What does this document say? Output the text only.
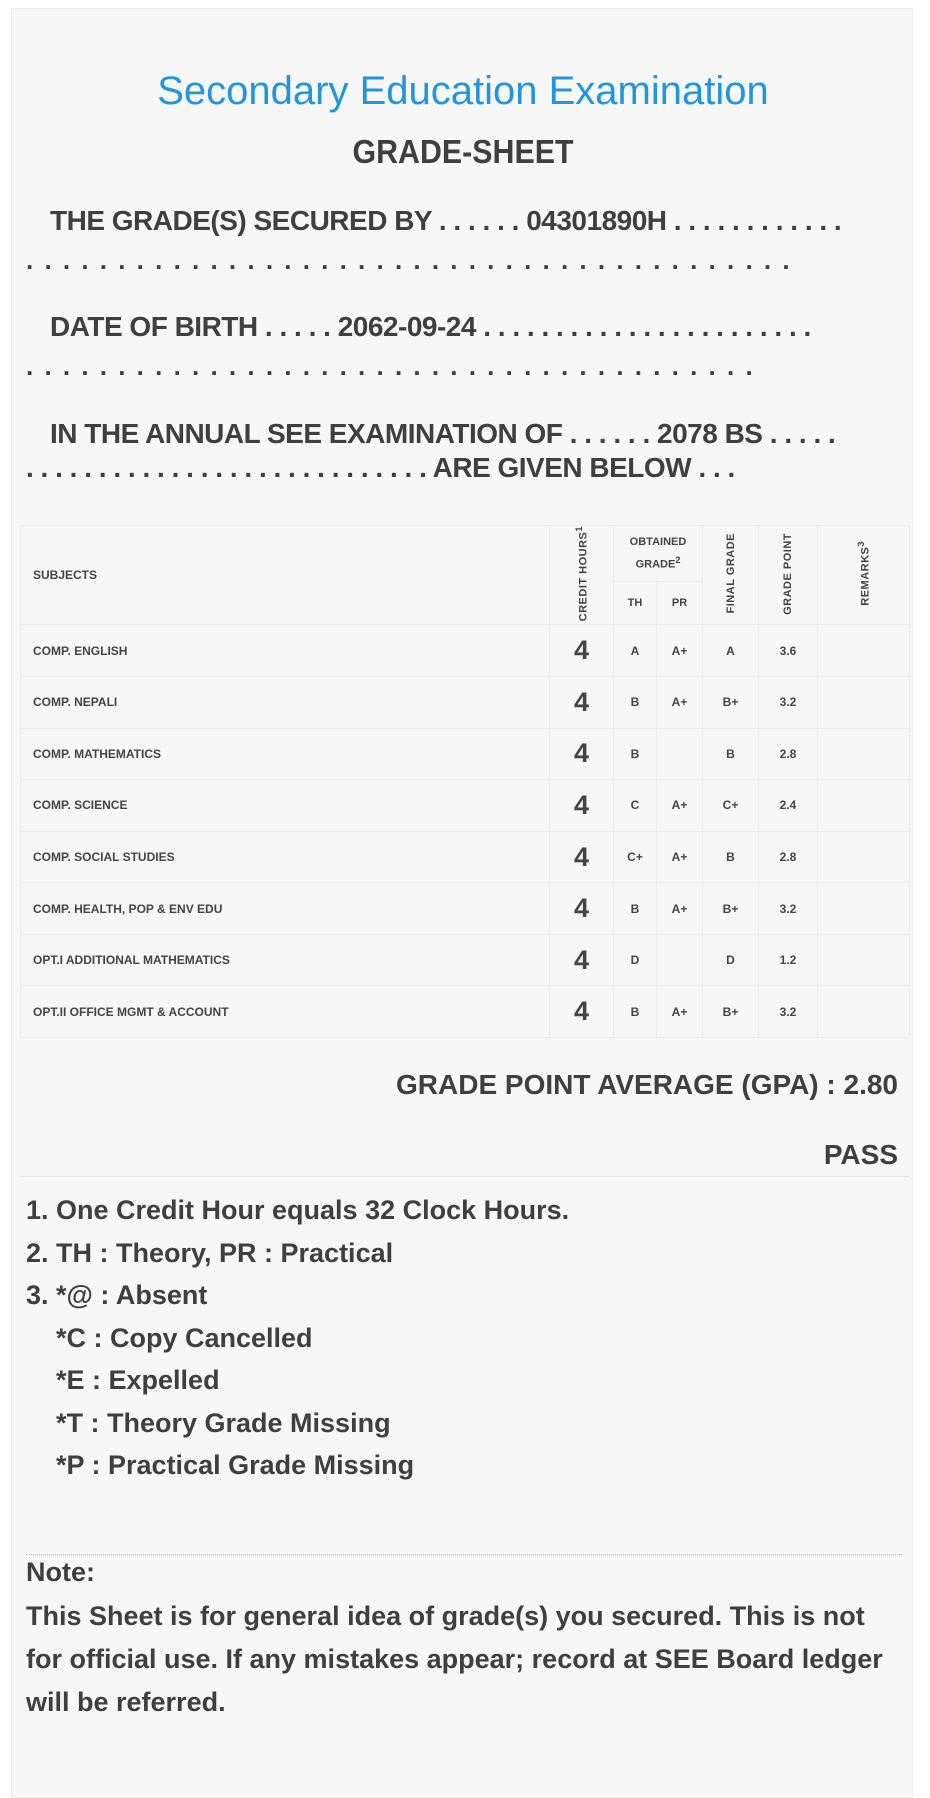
Secondary Education Examination
GRADE-SHEET
THE GRADE(S) SECURED BY . . . . . . 04301890H . . . . . . . . . . . .
. . . . . . . . . . . . . . . . . . . . . . . . . . . . . . . . . . . . . . . . . .
DATE OF BIRTH . . . . . 2062-09-24 . . . . . . . . . . . . . . . . . . . . . . .
. . . . . . . . . . . . . . . . . . . . . . . . . . . . . . . . . . . . . . . .
IN THE ANNUAL SEE EXAMINATION OF . . . . . . 2078 BS . . . . .
. . . . . . . . . . . . . . . . . . . . . . . . . . . . ARE GIVEN BELOW . . .
SUBJECTS	CREDIT HOURS$^1$	OBTAINED GRADE$^2$		FINAL GRADE	GRADE POINT	REMARKS$^3$
		TH	PR			
COMP. ENGLISH	4	A	A+	A	3.6	
COMP. NEPALI	4	B	A+	B+	3.2	
COMP. MATHEMATICS	4	B		B	2.8	
COMP. SCIENCE	4	C	A+	C+	2.4	
COMP. SOCIAL STUDIES	4	C+	A+	B	2.8	
COMP. HEALTH, POP & ENV EDU	4	B	A+	B+	3.2	
OPT.I ADDITIONAL MATHEMATICS	4	D		D	1.2	
OPT.II OFFICE MGMT & ACCOUNT	4	B	A+	B+	3.2	
GRADE POINT AVERAGE (GPA) : 2.80
PASS
1. One Credit Hour equals 32 Clock Hours.
2. TH : Theory, PR : Practical
3. *@ : Absent
*C : Copy Cancelled
*E : Expelled
*T : Theory Grade Missing
*P : Practical Grade Missing
Note:
This Sheet is for general idea of grade(s) you secured. This is not for official use. If any mistakes appear; record at SEE Board ledger will be referred.
